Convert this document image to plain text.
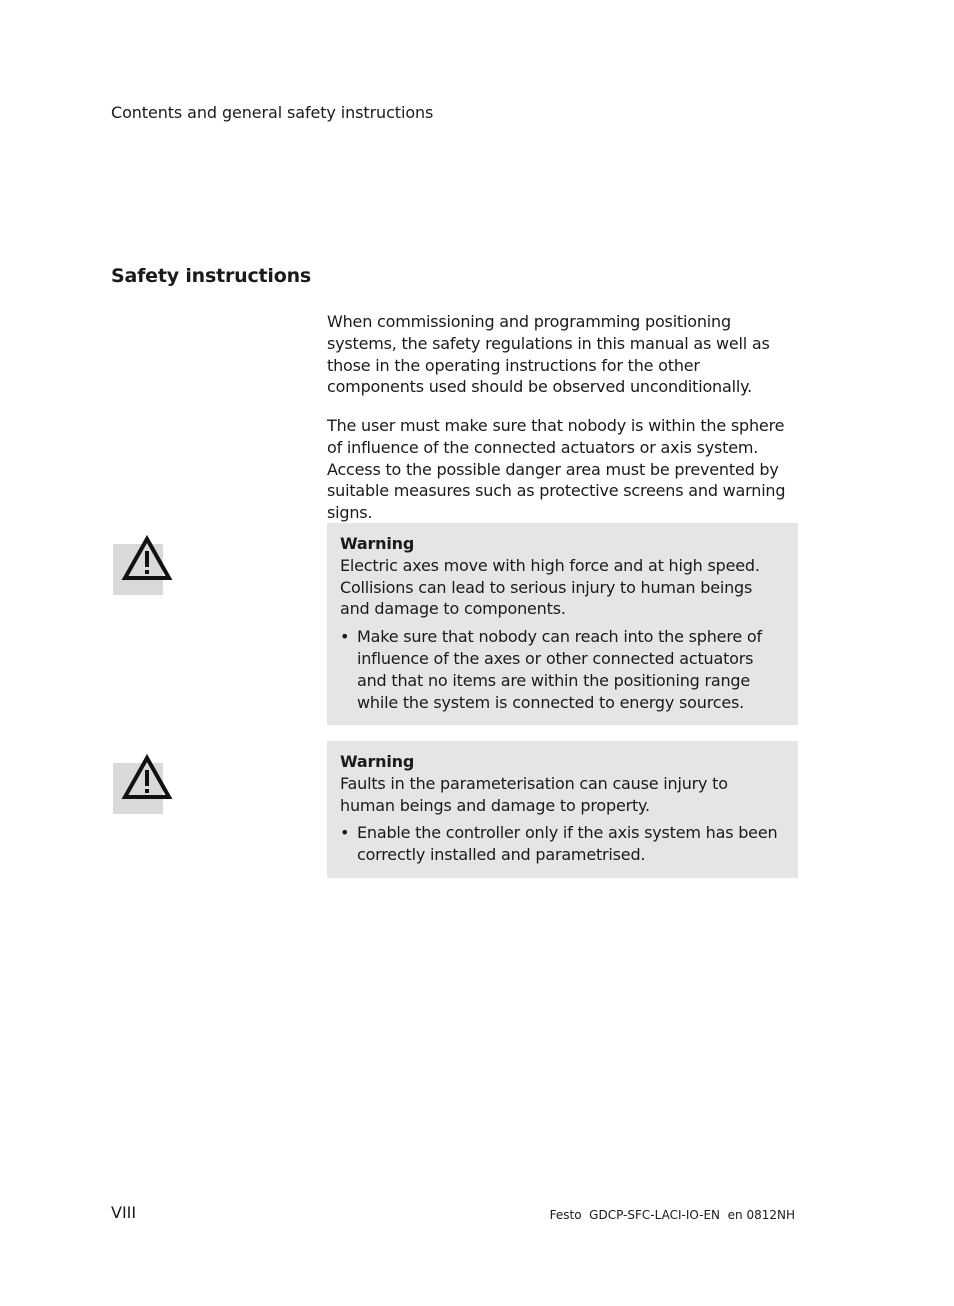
Contents and general safety instructions
Safety instructions

When commissioning and programming positioning systems, the safety regulations in this manual as well as those in the operating instructions for the other components used should be observed unconditionally.

The user must make sure that nobody is within the sphere of influence of the connected actuators or axis system. Access to the possible danger area must be prevented by suitable measures such as protective screens and warning signs.

Warning
Electric axes move with high force and at high speed. Collisions can lead to serious injury to human beings and damage to components.
• Make sure that nobody can reach into the sphere of influence of the axes or other connected actuators and that no items are within the positioning range while the system is connected to energy sources.
Warning
Faults in the parameterisation can cause injury to human beings and damage to property.
• Enable the controller only if the axis system has been correctly installed and parametrised.
VIII	Festo  GDCP-SFC-LACI-IO-EN  en 0812NH
